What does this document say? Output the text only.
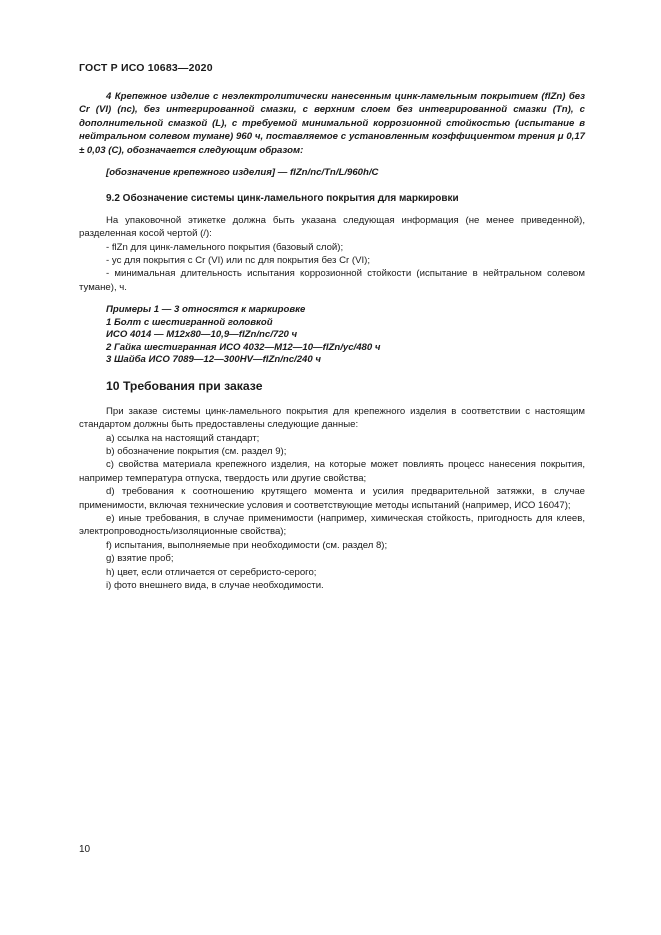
ГОСТ Р ИСО 10683—2020

4 Крепежное изделие с неэлектролитически нанесенным цинк-ламельным покрытием (flZn) без Cr (VI) (nc), без интегрированной смазки, с верхним слоем без интегрированной смазки (Tn), с дополнительной смазкой (L), с требуемой минимальной коррозионной стойкостью (испытание в нейтральном солевом тумане) 960 ч, поставляемое с установленным коэффициентом трения μ 0,17 ± 0,03 (C), обозначается следующим образом:

[обозначение крепежного изделия] — flZn/nc/Tn/L/960h/C

9.2 Обозначение системы цинк-ламельного покрытия для маркировки

На упаковочной этикетке должна быть указана следующая информация (не менее приведенной), разделенная косой чертой (/):

- flZn для цинк-ламельного покрытия (базовый слой);

- yc для покрытия с Cr (VI) или nc для покрытия без Cr (VI);

- минимальная длительность испытания коррозионной стойкости (испытание в нейтральном солевом тумане), ч.

Примеры 1 — 3 относятся к маркировке

1 Болт с шестигранной головкой

ИСО 4014 — M12x80—10,9—flZn/nc/720 ч

2 Гайка шестигранная ИСО 4032—M12—10—flZn/yc/480 ч

3 Шайба ИСО 7089—12—300HV—flZn/nc/240 ч

10 Требования при заказе

При заказе системы цинк-ламельного покрытия для крепежного изделия в соответствии с настоящим стандартом должны быть предоставлены следующие данные:

a) ссылка на настоящий стандарт;

b) обозначение покрытия (см. раздел 9);

c) свойства материала крепежного изделия, на которые может повлиять процесс нанесения покрытия, например температура отпуска, твердость или другие свойства;

d) требования к соотношению крутящего момента и усилия предварительной затяжки, в случае применимости, включая технические условия и соответствующие методы испытаний (например, ИСО 16047);

e) иные требования, в случае применимости (например, химическая стойкость, пригодность для клеев, электропроводность/изоляционные свойства);

f) испытания, выполняемые при необходимости (см. раздел 8);

g) взятие проб;

h) цвет, если отличается от серебристо-серого;

i) фото внешнего вида, в случае необходимости.

10
